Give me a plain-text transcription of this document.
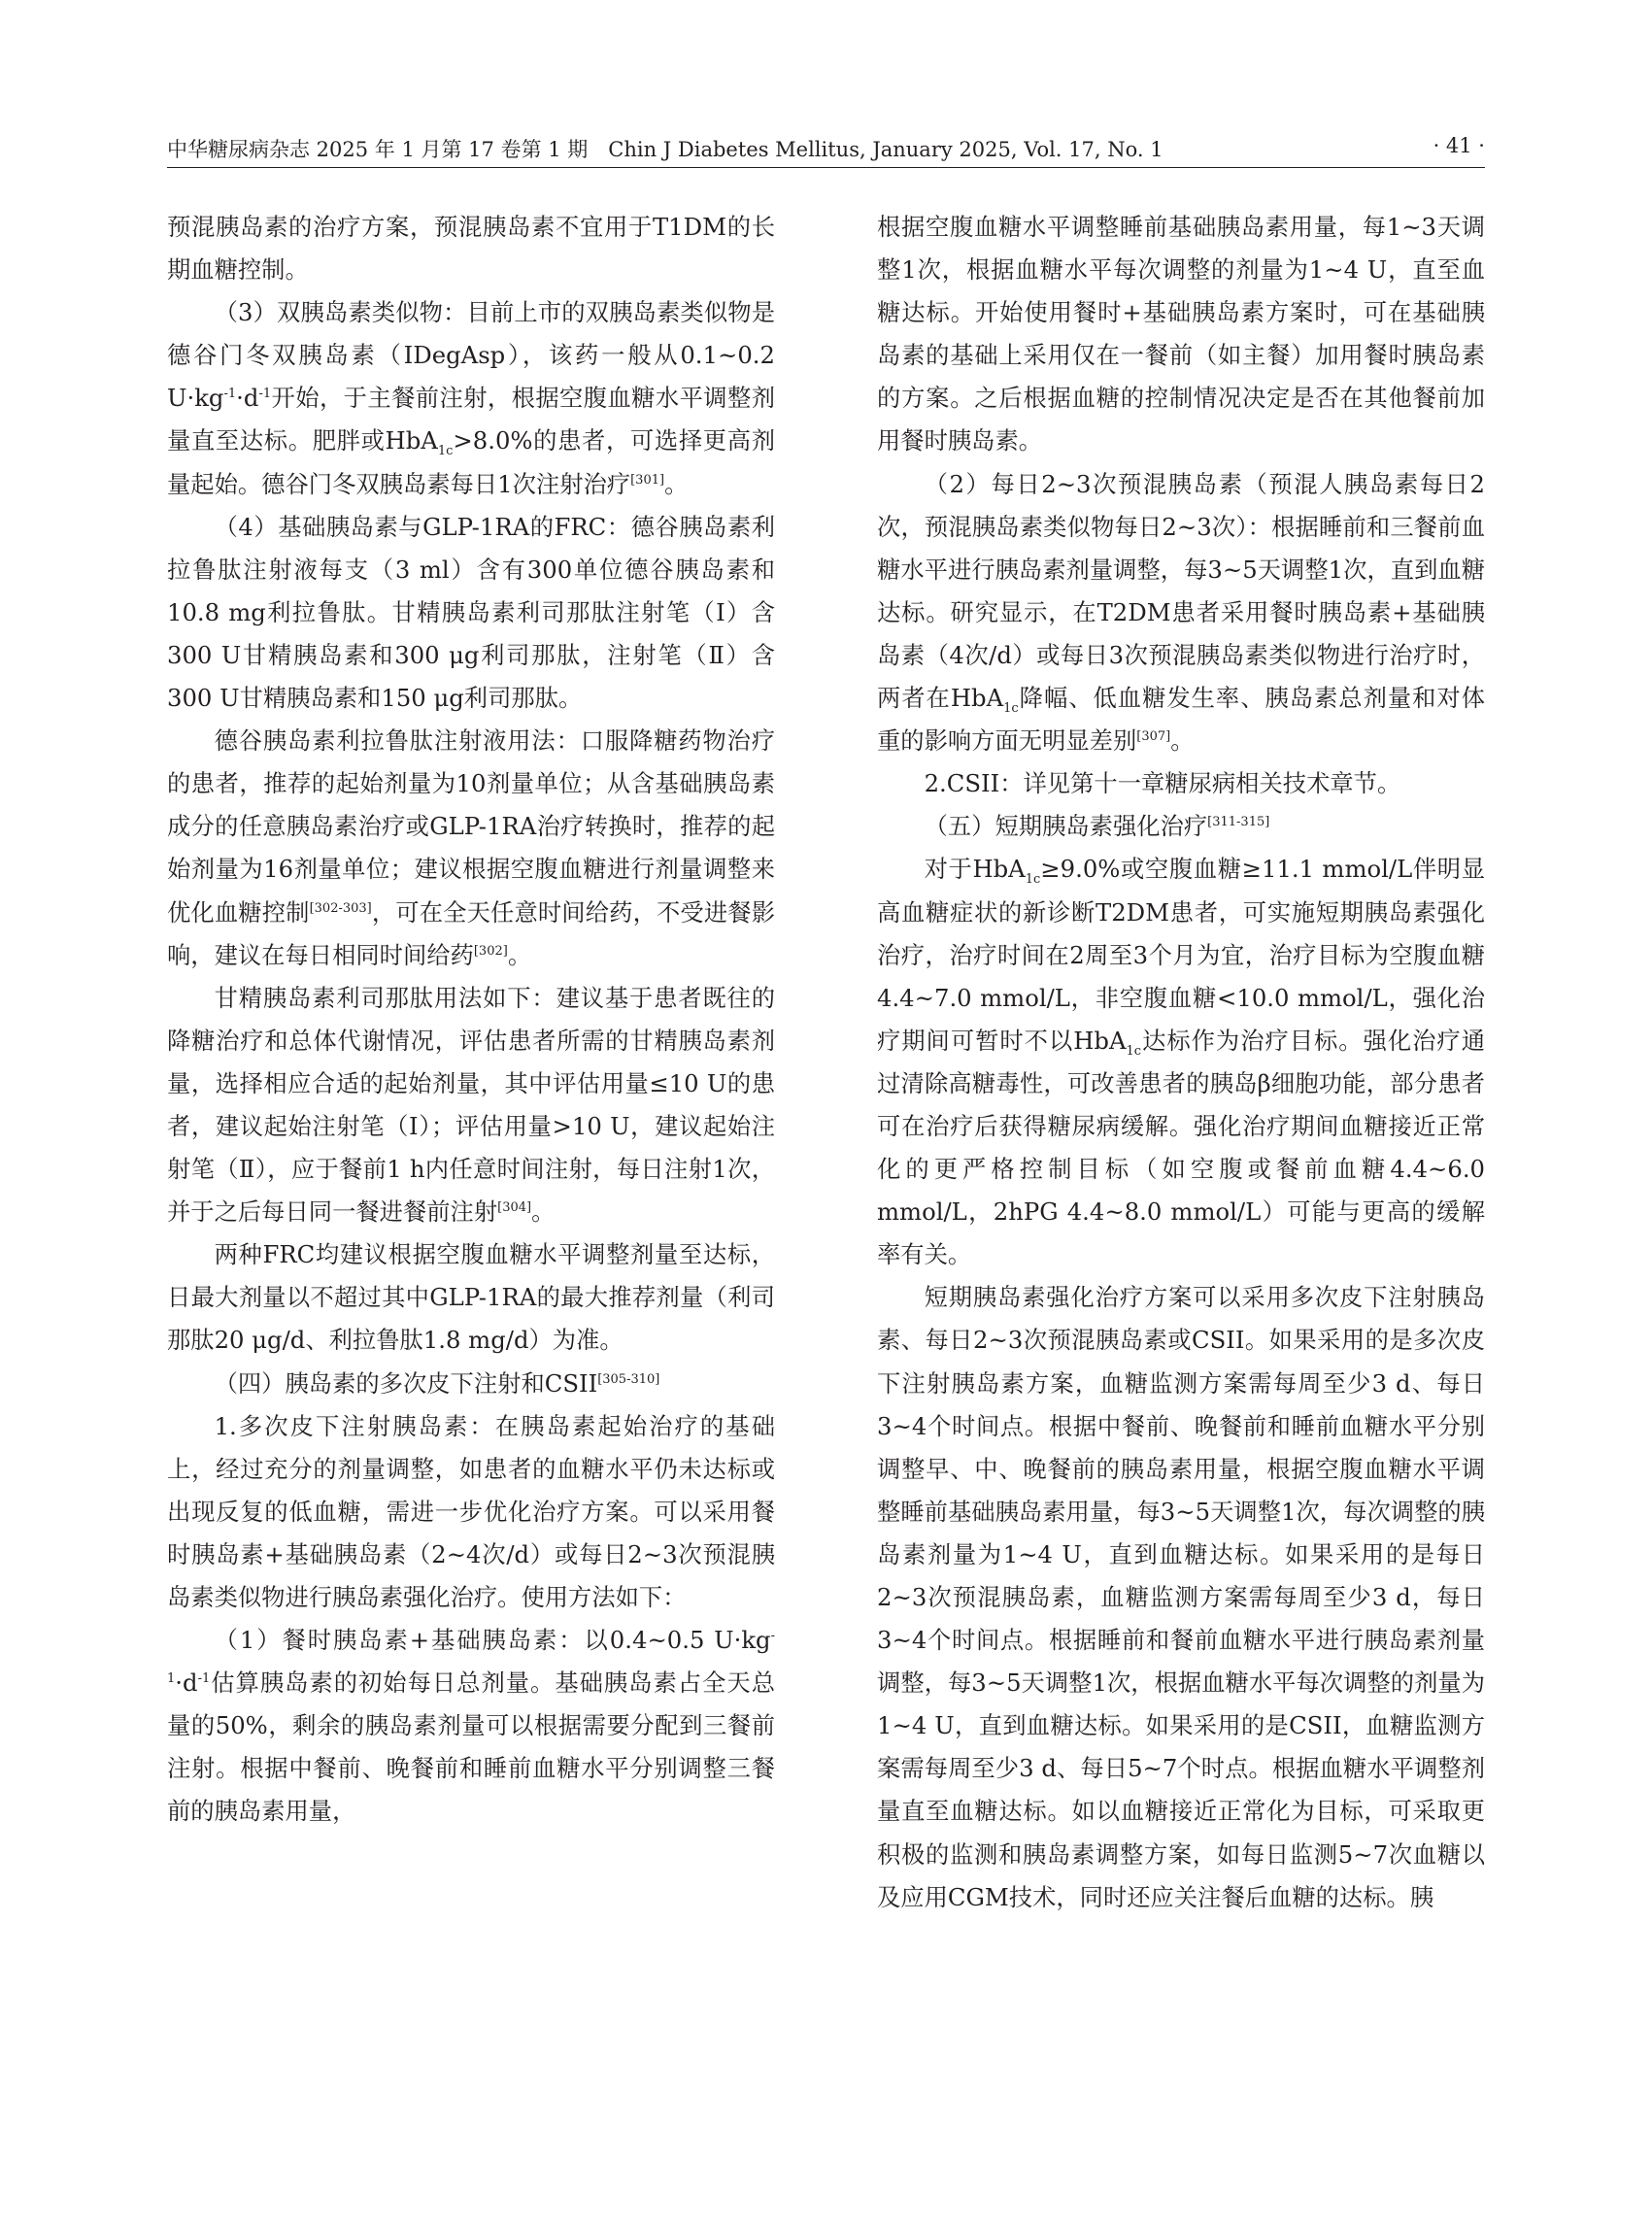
中华糖尿病杂志 2025 年 1 月第 17 卷第 1 期　Chin J Diabetes Mellitus, January 2025, Vol. 17, No. 1	· 41 ·

预混胰岛素的治疗方案，预混胰岛素不宜用于T1DM的长期血糖控制。

（3）双胰岛素类似物：目前上市的双胰岛素类似物是德谷门冬双胰岛素（IDegAsp），该药一般从0.1~0.2 $U\cdot kg^{-1}\cdot d^{-1}$开始，于主餐前注射，根据空腹血糖水平调整剂量直至达标。肥胖或HbA$_{1c}$>8.0%的患者，可选择更高剂量起始。德谷门冬双胰岛素每日1次注射治疗[301]。

（4）基础胰岛素与GLP-1RA的FRC：德谷胰岛素利拉鲁肽注射液每支（3 ml）含有300单位德谷胰岛素和10.8 mg利拉鲁肽。甘精胰岛素利司那肽注射笔（Ⅰ）含300 U甘精胰岛素和300 μg利司那肽，注射笔（Ⅱ）含300 U甘精胰岛素和150 μg利司那肽。

德谷胰岛素利拉鲁肽注射液用法：口服降糖药物治疗的患者，推荐的起始剂量为10剂量单位；从含基础胰岛素成分的任意胰岛素治疗或GLP-1RA治疗转换时，推荐的起始剂量为16剂量单位；建议根据空腹血糖进行剂量调整来优化血糖控制[302-303]，可在全天任意时间给药，不受进餐影响，建议在每日相同时间给药[302]。

甘精胰岛素利司那肽用法如下：建议基于患者既往的降糖治疗和总体代谢情况，评估患者所需的甘精胰岛素剂量，选择相应合适的起始剂量，其中评估用量≤10 U的患者，建议起始注射笔（Ⅰ）；评估用量>10 U，建议起始注射笔（Ⅱ），应于餐前1 h内任意时间注射，每日注射1次，并于之后每日同一餐进餐前注射[304]。

两种FRC均建议根据空腹血糖水平调整剂量至达标，日最大剂量以不超过其中GLP-1RA的最大推荐剂量（利司那肽20 μg/d、利拉鲁肽1.8 mg/d）为准。

（四）胰岛素的多次皮下注射和CSII[305-310]

1.多次皮下注射胰岛素：在胰岛素起始治疗的基础上，经过充分的剂量调整，如患者的血糖水平仍未达标或出现反复的低血糖，需进一步优化治疗方案。可以采用餐时胰岛素+基础胰岛素（2~4次/d）或每日2~3次预混胰岛素类似物进行胰岛素强化治疗。使用方法如下：

（1）餐时胰岛素+基础胰岛素：以0.4~0.5 $U\cdot kg^{-1}\cdot d^{-1}$估算胰岛素的初始每日总剂量。基础胰岛素占全天总量的50%，剩余的胰岛素剂量可以根据需要分配到三餐前注射。根据中餐前、晚餐前和睡前血糖水平分别调整三餐前的胰岛素用量，

根据空腹血糖水平调整睡前基础胰岛素用量，每1~3天调整1次，根据血糖水平每次调整的剂量为1~4 U，直至血糖达标。开始使用餐时+基础胰岛素方案时，可在基础胰岛素的基础上采用仅在一餐前（如主餐）加用餐时胰岛素的方案。之后根据血糖的控制情况决定是否在其他餐前加用餐时胰岛素。

（2）每日2~3次预混胰岛素（预混人胰岛素每日2次，预混胰岛素类似物每日2~3次）：根据睡前和三餐前血糖水平进行胰岛素剂量调整，每3~5天调整1次，直到血糖达标。研究显示，在T2DM患者采用餐时胰岛素+基础胰岛素（4次/d）或每日3次预混胰岛素类似物进行治疗时，两者在HbA$_{1c}$降幅、低血糖发生率、胰岛素总剂量和对体重的影响方面无明显差别[307]。

2.CSII：详见第十一章糖尿病相关技术章节。

（五）短期胰岛素强化治疗[311-315]

对于HbA$_{1c}$≥9.0%或空腹血糖≥11.1 mmol/L伴明显高血糖症状的新诊断T2DM患者，可实施短期胰岛素强化治疗，治疗时间在2周至3个月为宜，治疗目标为空腹血糖4.4~7.0 mmol/L，非空腹血糖<10.0 mmol/L，强化治疗期间可暂时不以HbA$_{1c}$达标作为治疗目标。强化治疗通过清除高糖毒性，可改善患者的胰岛β细胞功能，部分患者可在治疗后获得糖尿病缓解。强化治疗期间血糖接近正常化的更严格控制目标（如空腹或餐前血糖4.4~6.0 mmol/L，2hPG 4.4~8.0 mmol/L）可能与更高的缓解率有关。

短期胰岛素强化治疗方案可以采用多次皮下注射胰岛素、每日2~3次预混胰岛素或CSII。如果采用的是多次皮下注射胰岛素方案，血糖监测方案需每周至少3 d、每日3~4个时间点。根据中餐前、晚餐前和睡前血糖水平分别调整早、中、晚餐前的胰岛素用量，根据空腹血糖水平调整睡前基础胰岛素用量，每3~5天调整1次，每次调整的胰岛素剂量为1~4 U，直到血糖达标。如果采用的是每日2~3次预混胰岛素，血糖监测方案需每周至少3 d，每日3~4个时间点。根据睡前和餐前血糖水平进行胰岛素剂量调整，每3~5天调整1次，根据血糖水平每次调整的剂量为1~4 U，直到血糖达标。如果采用的是CSII，血糖监测方案需每周至少3 d、每日5~7个时点。根据血糖水平调整剂量直至血糖达标。如以血糖接近正常化为目标，可采取更积极的监测和胰岛素调整方案，如每日监测5~7次血糖以及应用CGM技术，同时还应关注餐后血糖的达标。胰
